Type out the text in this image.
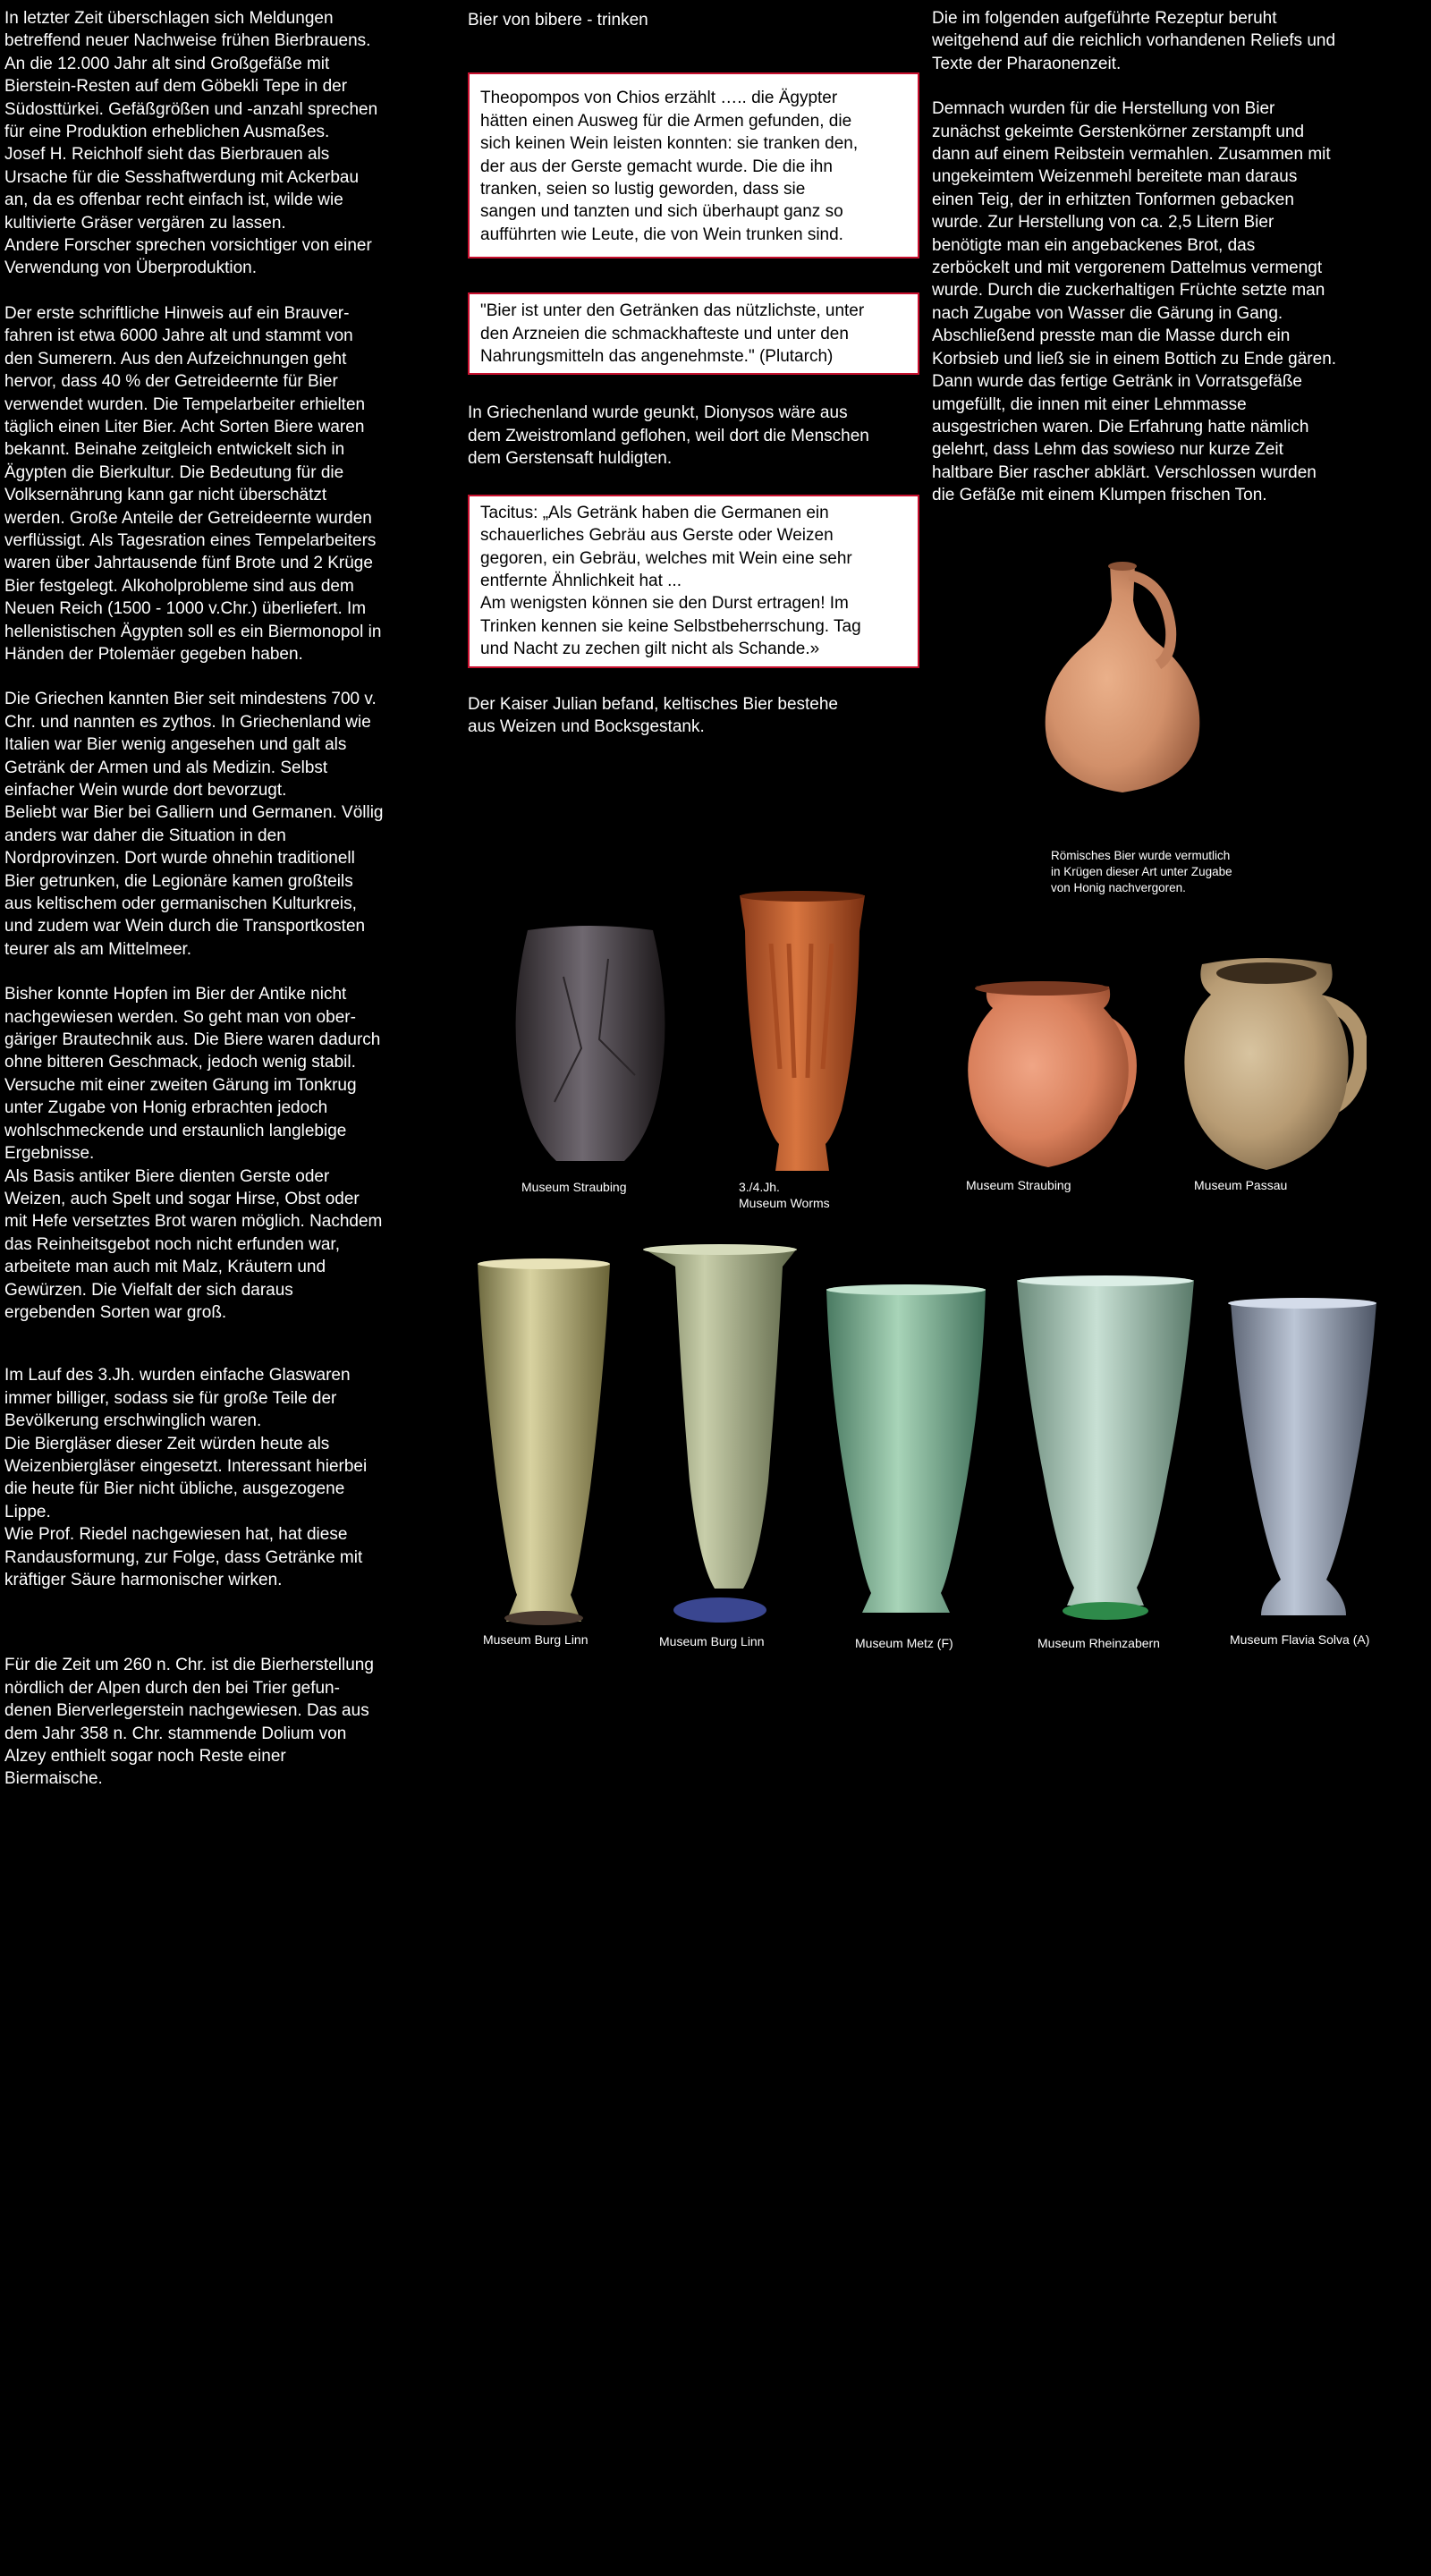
In letzter Zeit überschlagen sich Meldungen
betreffend neuer Nachweise frühen Bierbrauens.
An die 12.000 Jahr alt sind Großgefäße mit
Bierstein-Resten auf dem Göbekli Tepe in der
Südosttürkei. Gefäßgrößen und -anzahl sprechen
für eine Produktion erheblichen Ausmaßes.
Josef H. Reichholf sieht das Bierbrauen als
Ursache für die Sesshaftwerdung mit Ackerbau
an, da es offenbar recht einfach ist, wilde wie
kultivierte Gräser vergären zu lassen.
Andere Forscher sprechen vorsichtiger von einer
Verwendung von Überproduktion.

Der erste schriftliche Hinweis auf ein Brauver-
fahren ist etwa 6000 Jahre alt und stammt von
den Sumerern. Aus den Aufzeichnungen geht
hervor, dass 40 % der Getreideernte für Bier
verwendet wurden. Die Tempelarbeiter erhielten
täglich einen Liter Bier. Acht Sorten Biere waren
bekannt. Beinahe zeitgleich entwickelt sich in
Ägypten die Bierkultur. Die Bedeutung für die
Volksernährung kann gar nicht überschätzt
werden. Große Anteile der Getreideernte wurden
verflüssigt. Als Tagesration eines Tempelarbeiters
waren über Jahrtausende fünf Brote und 2 Krüge
Bier festgelegt. Alkoholprobleme sind aus dem
Neuen Reich (1500 - 1000 v.Chr.) überliefert. Im
hellenistischen Ägypten soll es ein Biermonopol in
Händen der Ptolemäer gegeben haben.

Die Griechen kannten Bier seit mindestens 700 v.
Chr. und nannten es zythos. In Griechenland wie
Italien war Bier wenig angesehen und galt als
Getränk der Armen und als Medizin. Selbst
einfacher Wein wurde dort bevorzugt.
Beliebt war Bier bei Galliern und Germanen. Völlig
anders war daher die Situation in den
Nordprovinzen. Dort wurde ohnehin traditionell
Bier getrunken, die Legionäre kamen großteils
aus keltischem oder germanischen Kulturkreis,
und zudem war Wein durch die Transportkosten
teurer als am Mittelmeer.

Bisher konnte Hopfen im Bier der Antike nicht
nachgewiesen werden. So geht man von ober-
gäriger Brautechnik aus. Die Biere waren dadurch
ohne bitteren Geschmack, jedoch wenig stabil.
Versuche mit einer zweiten Gärung im Tonkrug
unter Zugabe von Honig erbrachten jedoch
wohlschmeckende und erstaunlich langlebige
Ergebnisse.
Als Basis antiker Biere dienten Gerste oder
Weizen, auch Spelt und sogar Hirse, Obst oder
mit Hefe versetztes Brot waren möglich. Nachdem
das Reinheitsgebot noch nicht erfunden war,
arbeitete man auch mit Malz, Kräutern und
Gewürzen. Die Vielfalt der sich daraus
ergebenden Sorten war groß.

Im Lauf des 3.Jh. wurden einfache Glaswaren
immer billiger, sodass sie für große Teile der
Bevölkerung erschwinglich waren.
Die Biergläser dieser Zeit würden heute als
Weizenbiergläser eingesetzt. Interessant hierbei
die heute für Bier nicht übliche, ausgezogene
Lippe.
Wie Prof. Riedel nachgewiesen hat, hat diese
Randausformung, zur Folge, dass Getränke mit
kräftiger Säure harmonischer wirken.

Für die Zeit um 260 n. Chr. ist die Bierherstellung
nördlich der Alpen durch den bei Trier gefun-
denen Bierverlegerstein nachgewiesen. Das aus
dem Jahr 358 n. Chr. stammende Dolium von
Alzey enthielt sogar noch Reste einer
Biermaische.

Bier von bibere - trinken
Theopompos von Chios erzählt ….. die Ägypter
hätten einen Ausweg für die Armen gefunden, die
sich keinen Wein leisten konnten: sie tranken den,
der aus der Gerste gemacht wurde. Die die ihn
tranken, seien so lustig geworden, dass sie
sangen und tanzten und sich überhaupt ganz so
aufführten wie Leute, die von Wein trunken sind.
"Bier ist unter den Getränken das nützlichste, unter
den Arzneien die schmackhafteste und unter den
Nahrungsmitteln das angenehmste." (Plutarch)
In Griechenland wurde geunkt, Dionysos wäre aus
dem Zweistromland geflohen, weil dort die Menschen
dem Gerstensaft huldigten.
Tacitus: „Als Getränk haben die Germanen ein
schauerliches Gebräu aus Gerste oder Weizen
gegoren, ein Gebräu, welches mit Wein eine sehr
entfernte Ähnlichkeit hat ...
Am wenigsten können sie den Durst ertragen! Im
Trinken kennen sie keine Selbstbeherrschung. Tag
und Nacht zu zechen gilt nicht als Schande.»
Der Kaiser Julian befand, keltisches Bier bestehe
aus Weizen und Bocksgestank.

Die im folgenden aufgeführte Rezeptur beruht
weitgehend auf die reichlich vorhandenen Reliefs und
Texte der Pharaonenzeit.

Demnach wurden für die Herstellung von Bier
zunächst gekeimte Gerstenkörner zerstampft und
dann auf einem Reibstein vermahlen. Zusammen mit
ungekeimtem Weizenmehl bereitete man daraus
einen Teig, der in erhitzten Tonformen gebacken
wurde. Zur Herstellung von ca. 2,5 Litern Bier
benötigte man ein angebackenes Brot, das
zerböckelt und mit vergorenem Dattelmus vermengt
wurde. Durch die zuckerhaltigen Früchte setzte man
nach Zugabe von Wasser die Gärung in Gang.
Abschließend presste man die Masse durch ein
Korbsieb und ließ sie in einem Bottich zu Ende gären.
Dann wurde das fertige Getränk in Vorratsgefäße
umgefüllt, die innen mit einer Lehmmasse
ausgestrichen waren. Die Erfahrung hatte nämlich
gelehrt, dass Lehm das sowieso nur kurze Zeit
haltbare Bier rascher abklärt. Verschlossen wurden
die Gefäße mit einem Klumpen frischen Ton.

Römisches Bier wurde vermutlich
in Krügen dieser Art unter Zugabe
von Honig nachvergoren.
Museum Straubing	3./4.Jh.
Museum Worms
Museum Straubing	Museum Passau
Museum Burg Linn	Museum Burg Linn	Museum Metz (F)	Museum Rheinzabern	Museum Flavia Solva (A)
